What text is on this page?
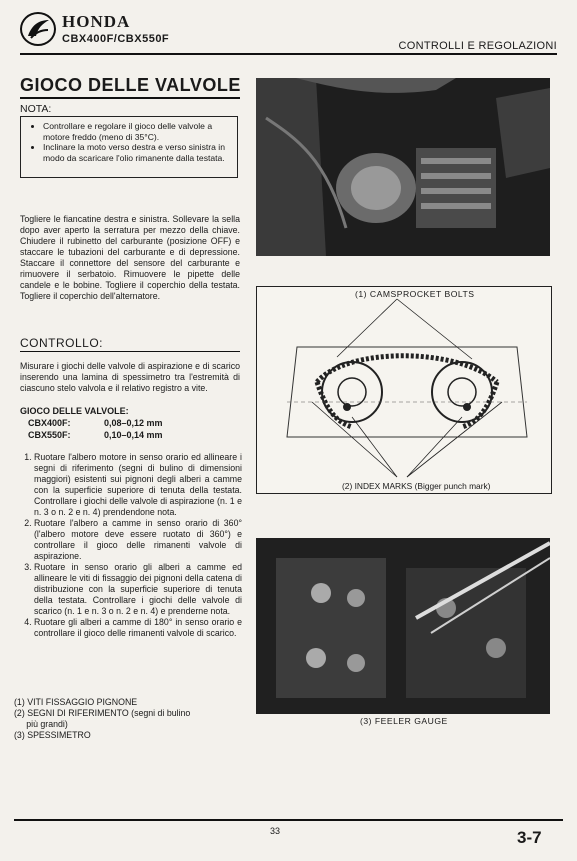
HONDA
CBX400F/CBX550F
CONTROLLI E REGOLAZIONI
GIOCO DELLE VALVOLE
NOTA:
• Controllare e regolare il gioco delle valvole a motore freddo (meno di 35°C).
• Inclinare la moto verso destra e verso sinistra in modo da scaricare l'olio rimanente dalla testata.
Togliere le fiancatine destra e sinistra. Sollevare la sella dopo aver aperto la serratura per mezzo della chiave. Chiudere il rubinetto del carburante (posizione OFF) e staccare le tubazioni del carburante e di depressione. Staccare il connettore del sensore del carburante e rimuovere il serbatoio. Rimuovere le pipette delle candele e le bobine. Togliere il coperchio della testata. Togliere il coperchio dell'alternatore.
CONTROLLO:
Misurare i giochi delle valvole di aspirazione e di scarico inserendo una lamina di spessimetro tra l'estremità di ciascuno stelo valvola e il relativo registro a vite.
GIOCO DELLE VALVOLE:
CBX400F:	0,08–0,12 mm
CBX550F:	0,10–0,14 mm
1. Ruotare l'albero motore in senso orario ed allineare i segni di riferimento (segni di bulino di dimensioni maggiori) esistenti sui pignoni degli alberi a camme con la superficie superiore di tenuta della testata. Controllare i giochi delle valvole di aspirazione (n. 1 e n. 3 o n. 2 e n. 4) prendendone nota.
2. Ruotare l'albero a camme in senso orario di 360° (l'albero motore deve essere ruotato di 360°) e controllare il gioco delle rimanenti valvole di aspirazione.
3. Ruotare in senso orario gli alberi a camme ed allineare le viti di fissaggio dei pignoni della catena di distribuzione con la superficie superiore di tenuta della testata. Controllare i giochi delle valvole di scarico (n. 1 e n. 3 o n. 2 e n. 4) e prenderne nota.
4. Ruotare gli alberi a camme di 180° in senso orario e controllare il gioco delle rimanenti valvole di scarico.
(1) VITI FISSAGGIO PIGNONE
(2) SEGNI DI RIFERIMENTO (segni di bulino
più grandi)
(3) SPESSIMETRO
(1) CAMSPROCKET BOLTS
(2) INDEX MARKS (Bigger punch mark)
(3) FEELER GAUGE
33	3-7
